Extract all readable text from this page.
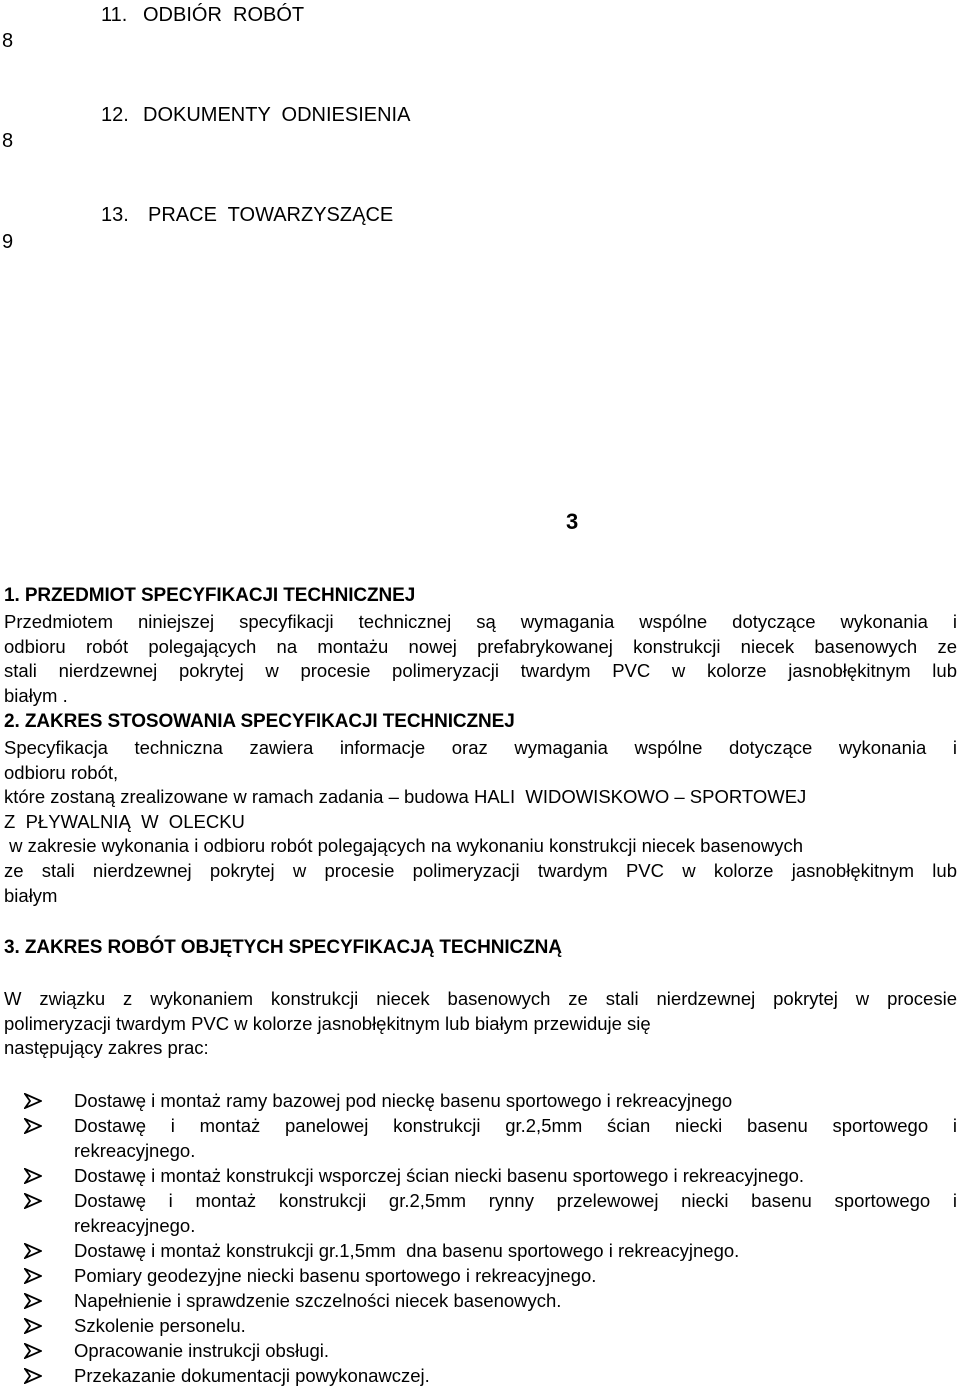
8
11. ODBIÓR  ROBÓT
8
12. DOKUMENTY  ODNIESIENIA
9
13. PRACE  TOWARZYSZĄCE
3
1. PRZEDMIOT SPECYFIKACJI TECHNICZNEJ
Przedmiotem niniejszej specyfikacji technicznej są wymagania wspólne dotyczące wykonania i
odbioru robót polegających na montażu nowej prefabrykowanej konstrukcji niecek basenowych ze
stali nierdzewnej pokrytej w procesie polimeryzacji twardym PVC w kolorze jasnobłękitnym lub
białym .
2. ZAKRES STOSOWANIA SPECYFIKACJI TECHNICZNEJ
Specyfikacja techniczna zawiera informacje oraz wymagania wspólne dotyczące wykonania i
odbioru robót,
które zostaną zrealizowane w ramach zadania – budowa HALI  WIDOWISKOWO – SPORTOWEJ
Z  PŁYWALNIĄ  W  OLECKU
w zakresie wykonania i odbioru robót polegających na wykonaniu konstrukcji niecek basenowych
ze stali nierdzewnej pokrytej w procesie polimeryzacji twardym PVC w kolorze jasnobłękitnym lub
białym
3. ZAKRES ROBÓT OBJĘTYCH SPECYFIKACJĄ TECHNICZNĄ
W związku z wykonaniem konstrukcji niecek basenowych ze stali nierdzewnej pokrytej w procesie
polimeryzacji twardym PVC w kolorze jasnobłękitnym lub białym przewiduje się
następujący zakres prac:
Dostawę i montaż ramy bazowej pod nieckę basenu sportowego i rekreacyjnego
Dostawę i montaż panelowej konstrukcji gr.2,5mm ścian niecki basenu sportowego i
rekreacyjnego.
Dostawę i montaż konstrukcji wsporczej ścian niecki basenu sportowego i rekreacyjnego.
Dostawę i montaż konstrukcji gr.2,5mm rynny przelewowej niecki basenu sportowego i
rekreacyjnego.
Dostawę i montaż konstrukcji gr.1,5mm  dna basenu sportowego i rekreacyjnego.
Pomiary geodezyjne niecki basenu sportowego i rekreacyjnego.
Napełnienie i sprawdzenie szczelności niecek basenowych.
Szkolenie personelu.
Opracowanie instrukcji obsługi.
Przekazanie dokumentacji powykonawczej.
